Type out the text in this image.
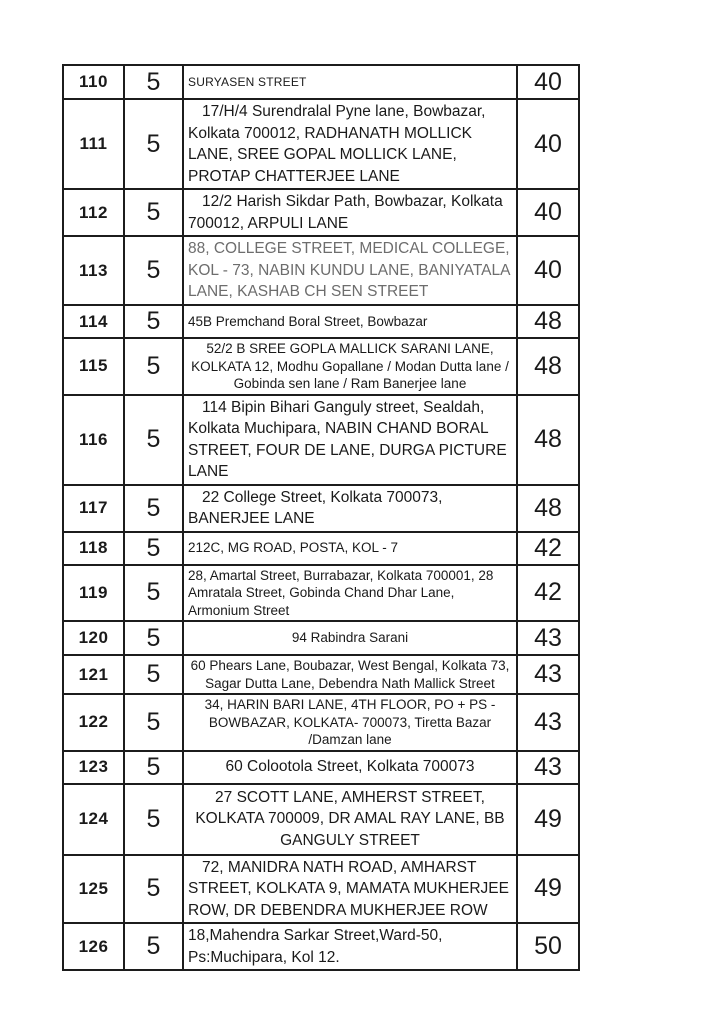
110	5	SURYASEN STREET	40
111	5	17/H/4 Surendralal Pyne lane, Bowbazar, Kolkata 700012, RADHANATH MOLLICK LANE, SREE GOPAL MOLLICK LANE, PROTAP CHATTERJEE LANE	40
112	5	12/2 Harish Sikdar Path, Bowbazar, Kolkata 700012, ARPULI LANE	40
113	5	88, COLLEGE STREET, MEDICAL COLLEGE, KOL - 73, NABIN KUNDU LANE, BANIYATALA LANE, KASHAB CH SEN STREET	40
114	5	45B Premchand Boral Street, Bowbazar	48
115	5	52/2 B SREE GOPLA MALLICK SARANI LANE, KOLKATA 12, Modhu Gopallane / Modan Dutta lane / Gobinda sen lane / Ram Banerjee lane	48
116	5	114 Bipin Bihari Ganguly street, Sealdah, Kolkata Muchipara, NABIN CHAND BORAL STREET, FOUR DE LANE, DURGA PICTURE LANE	48
117	5	22 College Street, Kolkata 700073, BANERJEE LANE	48
118	5	212C, MG ROAD, POSTA, KOL - 7	42
119	5	28, Amartal Street, Burrabazar, Kolkata 700001, 28 Amratala Street, Gobinda Chand Dhar Lane, Armonium Street	42
120	5	94 Rabindra Sarani	43
121	5	60 Phears Lane, Boubazar, West Bengal, Kolkata 73, Sagar Dutta Lane, Debendra Nath Mallick Street	43
122	5	34, HARIN BARI LANE, 4TH FLOOR, PO + PS - BOWBAZAR, KOLKATA- 700073, Tiretta Bazar /Damzan lane	43
123	5	60 Colootola Street, Kolkata 700073	43
124	5	27 SCOTT LANE, AMHERST STREET, KOLKATA 700009, DR AMAL RAY LANE, BB GANGULY STREET	49
125	5	72, MANIDRA NATH ROAD, AMHARST STREET, KOLKATA 9, MAMATA MUKHERJEE ROW, DR DEBENDRA MUKHERJEE ROW	49
126	5	18,Mahendra Sarkar Street,Ward-50, Ps:Muchipara, Kol 12.	50
